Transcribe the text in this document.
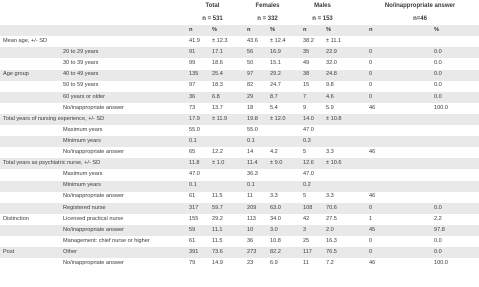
Total
n = 531
Females
n = 332
Males
n = 153
No/inappropriate answer
n=46
n	%	n	%	n	%	n	%
Mean age, +/- SD	41.9 ± 12.3	43.6 ± 12.4	38.2 ± 11.1
20 to 29 years	91	17.1	56	16.9	35	22.9	0	0.0
30 to 39 years	99	18.6	50	15.1	49	32.0	0	0.0
Age group	40 to 49 years	135 25.4	97	29.2	38	24.8	0	0.0
50 to 59 years	97	18.3	82	24.7	15	9.8	0	0.0
60 years or older	36	6.8	29	8.7	7	4.6	0	0.0
No/inappropriate answer	73	13.7	18	5.4	9	5.9	46	100.0
Total years of nursing experience, +/- SD	17.9 ± 11.9	19.8 ± 12.0	14.0 ± 10.8
Maximum years	55.0	55.0	47.0
Minimum years	0.1	0.1	0.3
No/inappropriate answer	65	12.2	14	4.2	5	3.3	46
Total years as psychiatric nurse, +/- SD	11.8 ± 1.0	11.4 ± 9.0	12.6 ± 10.6
Maximum years	47.0	36.3	47.0
Minimum years	0.1	0.1	0.2
No/inappropriate answer	61	11.5	11	3.3	5	3.3	46
Registered nurse	317 59.7	209 63.0	108 70.6	0	0.0
Distinction	Licensed practical nurse	155 29.2	113	34.0	42	27.5	1	2.2
No/inappropriate answer	59	11.1	10	3.0	3	2.0	45	97.8
Management: chief nurse or higher	61	11.5	36	10.8	25	16.3	0	0.0
Post	Other	391 73.6	273 82.2	117	76.5	0	0.0
No/inappropriate answer	79	14.9	23	6.9	11	7.2	46	100.0
